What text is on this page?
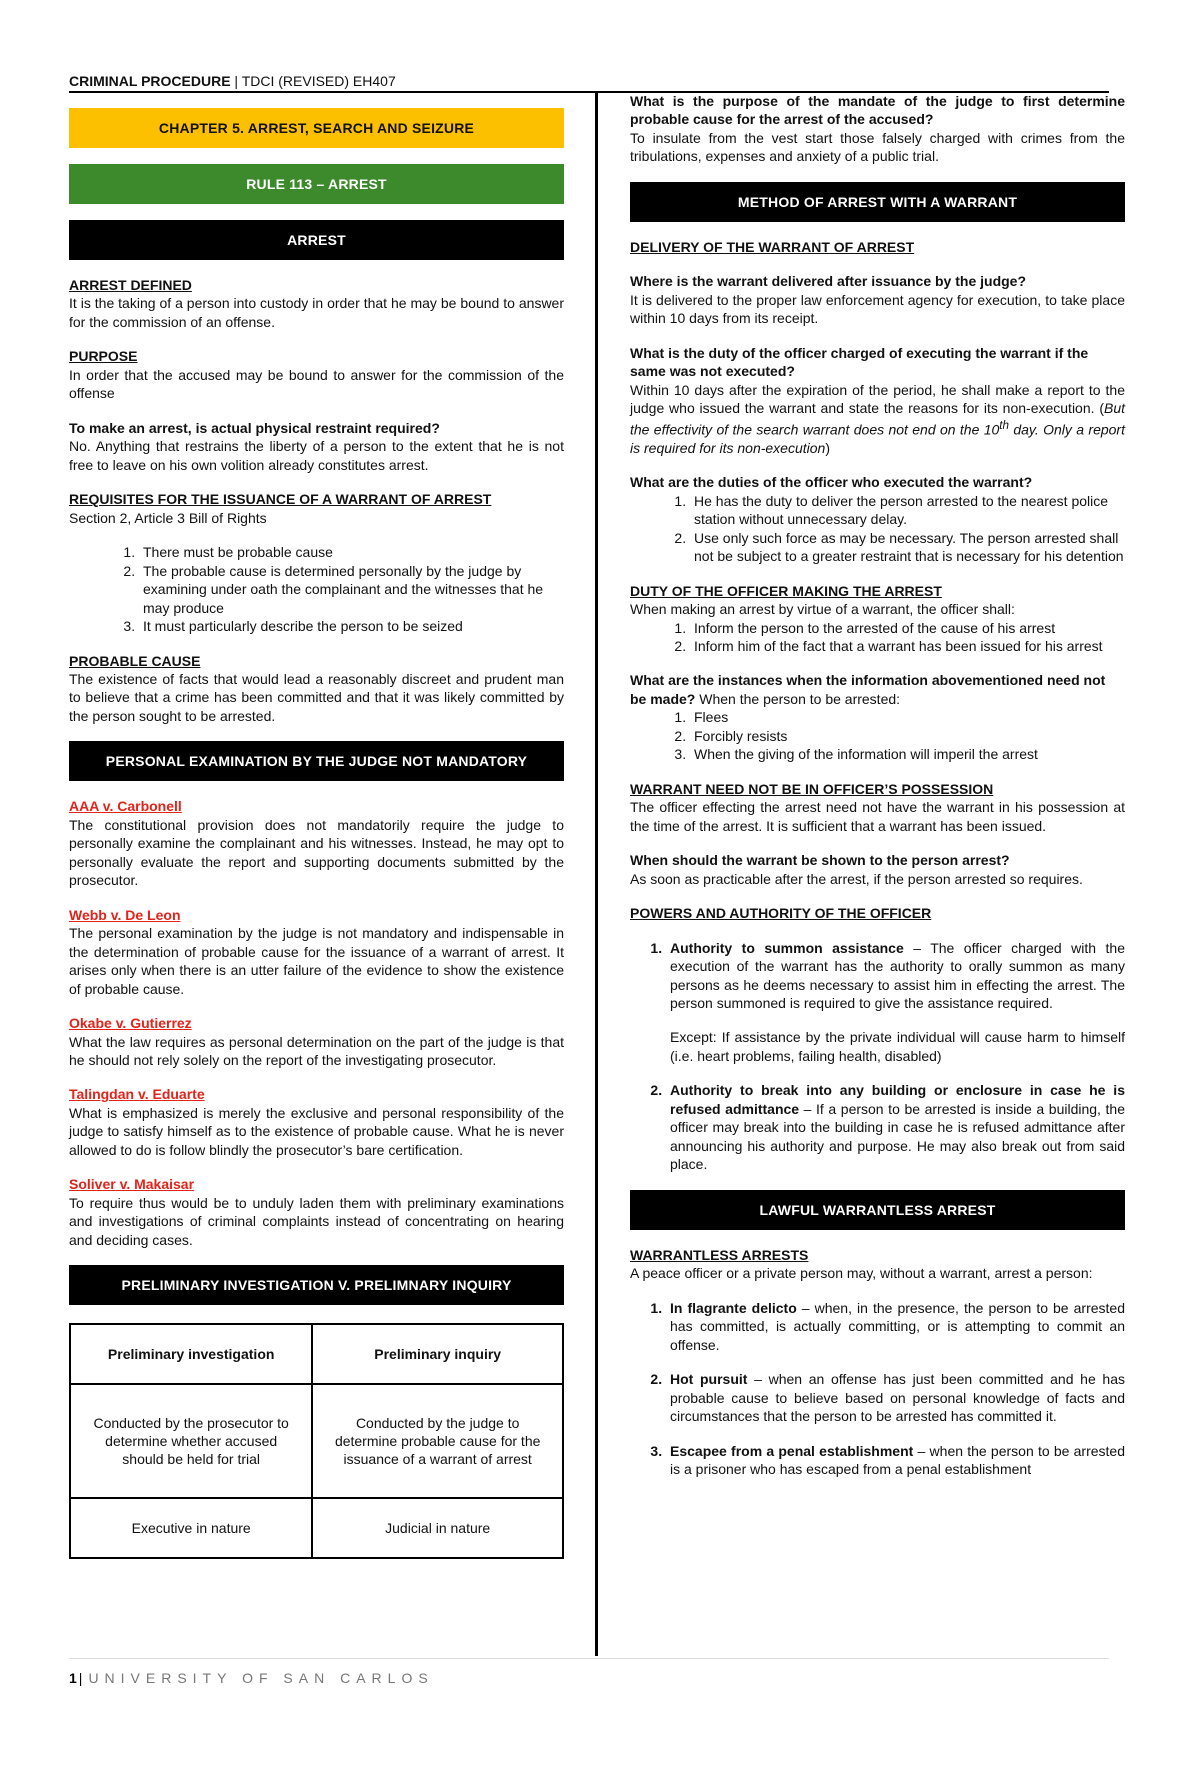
CRIMINAL PROCEDURE | TDCI (REVISED) EH407
CHAPTER 5. ARREST, SEARCH AND SEIZURE
RULE 113 – ARREST
ARREST
ARREST DEFINED

It is the taking of a person into custody in order that he may be bound to answer for the commission of an offense.

PURPOSE

In order that the accused may be bound to answer for the commission of the offense

To make an arrest, is actual physical restraint required?

No. Anything that restrains the liberty of a person to the extent that he is not free to leave on his own volition already constitutes arrest.

REQUISITES FOR THE ISSUANCE OF A WARRANT OF ARREST
Section 2, Article 3 Bill of Rights
1. There must be probable cause
2. The probable cause is determined personally by the judge by examining under oath the complainant and the witnesses that he may produce
3. It must particularly describe the person to be seized
PROBABLE CAUSE

The existence of facts that would lead a reasonably discreet and prudent man to believe that a crime has been committed and that it was likely committed by the person sought to be arrested.

PERSONAL EXAMINATION BY THE JUDGE NOT MANDATORY
AAA v. Carbonell

The constitutional provision does not mandatorily require the judge to personally examine the complainant and his witnesses. Instead, he may opt to personally evaluate the report and supporting documents submitted by the prosecutor.

Webb v. De Leon

The personal examination by the judge is not mandatory and indispensable in the determination of probable cause for the issuance of a warrant of arrest. It arises only when there is an utter failure of the evidence to show the existence of probable cause.

Okabe v. Gutierrez

What the law requires as personal determination on the part of the judge is that he should not rely solely on the report of the investigating prosecutor.

Talingdan v. Eduarte

What is emphasized is merely the exclusive and personal responsibility of the judge to satisfy himself as to the existence of probable cause. What he is never allowed to do is follow blindly the prosecutor’s bare certification.

Soliver v. Makaisar

To require thus would be to unduly laden them with preliminary examinations and investigations of criminal complaints instead of concentrating on hearing and deciding cases.

PRELIMINARY INVESTIGATION V. PRELIMNARY INQUIRY
Preliminary investigation	Preliminary inquiry
Conducted by the prosecutor to determine whether accused should be held for trial	Conducted by the judge to determine probable cause for the issuance of a warrant of arrest
Executive in nature	Judicial in nature
What is the purpose of the mandate of the judge to first determine probable cause for the arrest of the accused?

To insulate from the vest start those falsely charged with crimes from the tribulations, expenses and anxiety of a public trial.

METHOD OF ARREST WITH A WARRANT
DELIVERY OF THE WARRANT OF ARREST
Where is the warrant delivered after issuance by the judge?

It is delivered to the proper law enforcement agency for execution, to take place within 10 days from its receipt.

What is the duty of the officer charged of executing the warrant if the same was not executed?

Within 10 days after the expiration of the period, he shall make a report to the judge who issued the warrant and state the reasons for its non-execution. (But the effectivity of the search warrant does not end on the 10th day. Only a report is required for its non-execution)

What are the duties of the officer who executed the warrant?
1. He has the duty to deliver the person arrested to the nearest police station without unnecessary delay.
2. Use only such force as may be necessary. The person arrested shall not be subject to a greater restraint that is necessary for his detention
DUTY OF THE OFFICER MAKING THE ARREST
When making an arrest by virtue of a warrant, the officer shall:
1. Inform the person to the arrested of the cause of his arrest
2. Inform him of the fact that a warrant has been issued for his arrest
What are the instances when the information abovementioned need not be made? When the person to be arrested:
1. Flees
2. Forcibly resists
3. When the giving of the information will imperil the arrest
WARRANT NEED NOT BE IN OFFICER’S POSSESSION

The officer effecting the arrest need not have the warrant in his possession at the time of the arrest. It is sufficient that a warrant has been issued.

When should the warrant be shown to the person arrest?

As soon as practicable after the arrest, if the person arrested so requires.

POWERS AND AUTHORITY OF THE OFFICER
1. Authority to summon assistance – The officer charged with the execution of the warrant has the authority to orally summon as many persons as he deems necessary to assist him in effecting the arrest. The person summoned is required to give the assistance required.
Except: If assistance by the private individual will cause harm to himself (i.e. heart problems, failing health, disabled)
2. Authority to break into any building or enclosure in case he is refused admittance – If a person to be arrested is inside a building, the officer may break into the building in case he is refused admittance after announcing his authority and purpose. He may also break out from said place.
LAWFUL WARRANTLESS ARREST
WARRANTLESS ARRESTS

A peace officer or a private person may, without a warrant, arrest a person:

1. In flagrante delicto – when, in the presence, the person to be arrested has committed, is actually committing, or is attempting to commit an offense.
2. Hot pursuit – when an offense has just been committed and he has probable cause to believe based on personal knowledge of facts and circumstances that the person to be arrested has committed it.
3. Escapee from a penal establishment – when the person to be arrested is a prisoner who has escaped from a penal establishment
1 | UNIVERSITY OF SAN CARLOS
